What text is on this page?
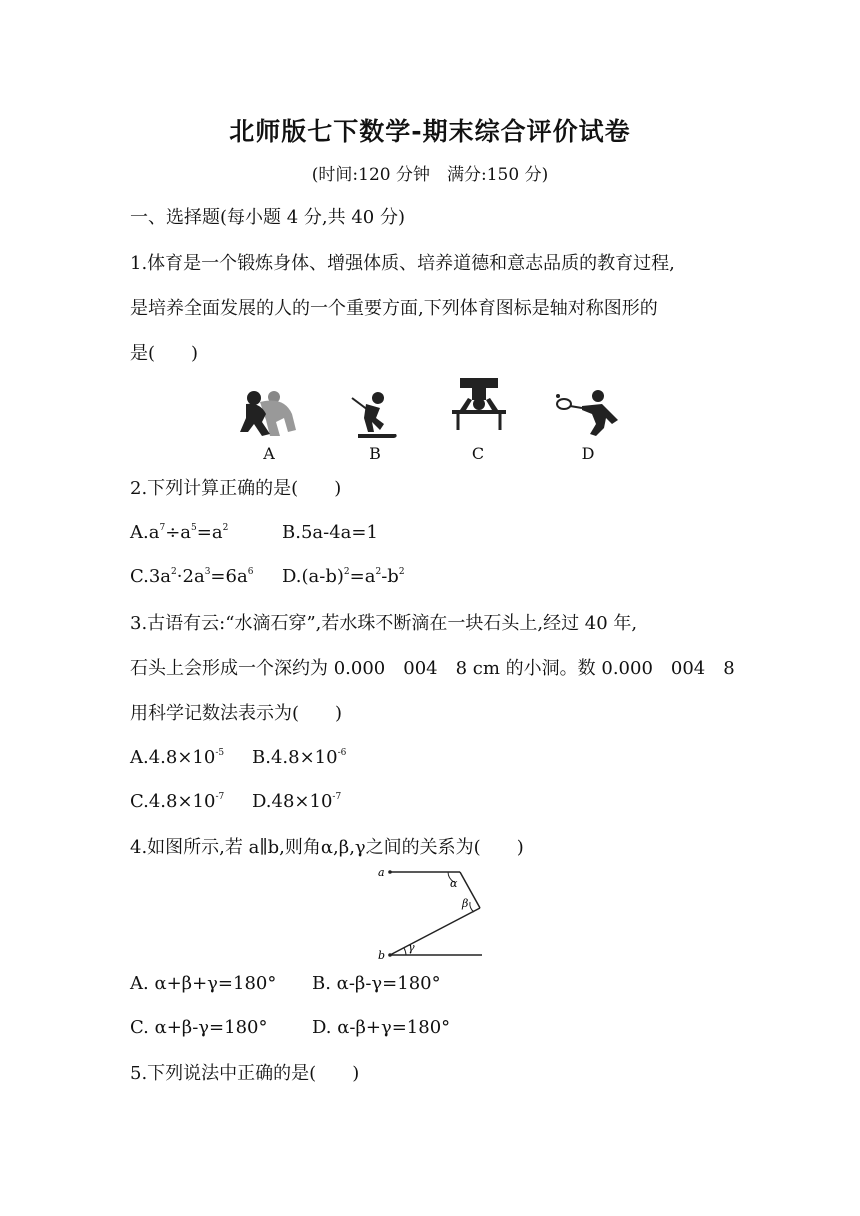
北师版七下数学-期末综合评价试卷
(时间:120 分钟　满分:150 分)
一、选择题(每小题 4 分,共 40 分)
1.体育是一个锻炼身体、增强体质、培养道德和意志品质的教育过程,
是培养全面发展的人的一个重要方面,下列体育图标是轴对称图形的
是( )
A	B	C	D
2.下列计算正确的是( )
$A.a^7\div a^5=a^2$	B.5a-4a=1
$C.3a^2\cdot 2a^3=6a^6$ $D.(a-b)^2=a^2-b^2$
3.古语有云:“水滴石穿”,若水珠不断滴在一块石头上,经过 40 年,
石头上会形成一个深约为 0.000　004　8 cm 的小洞。数 0.000　004　8
用科学记数法表示为( )
$A.4.8\times 10^{-5}$ $B.4.8\times 10^{-6}$
$C.4.8\times 10^{-7}$ $D.48\times 10^{-7}$
4.如图所示,若 a∥b,则角α,β,γ之间的关系为( )
a
b
α
β
γ
A. α+β+γ=180° B. α-β-γ=180°
C. α+β-γ=180° D. α-β+γ=180°
5.下列说法中正确的是( )
